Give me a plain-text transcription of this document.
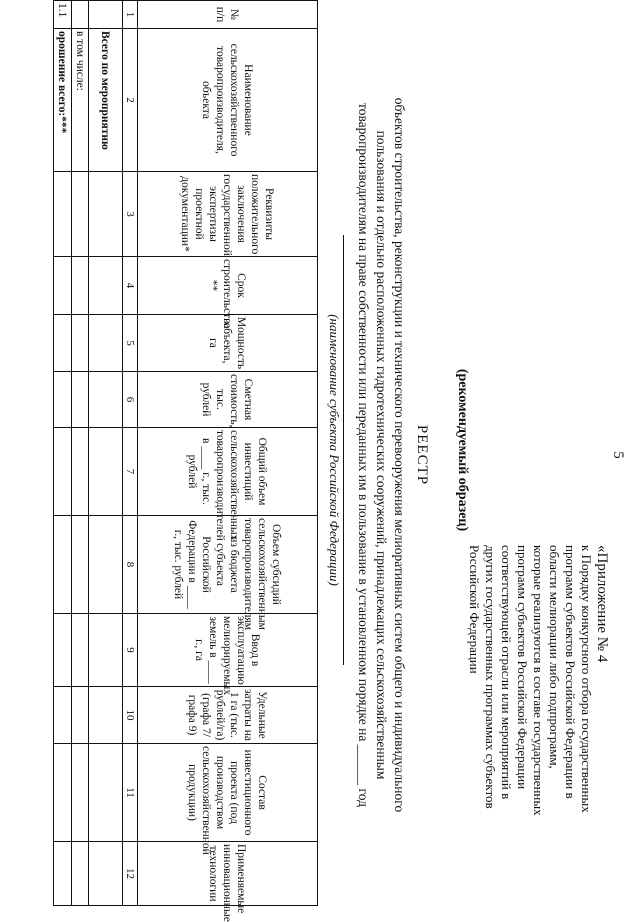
5
«Приложение № 4
к Порядку конкурсного отбора государственных
программ субъектов Российской Федерации в
области мелиорации либо подпрограмм,
которые реализуются в составе государственных
программ субъектов Российской Федерации
соответствующей отрасли или мероприятий в
других государственных программах субъектов
Российской Федерации
(рекомендуемый образец)
РЕЕСТР
объектов строительства, реконструкции и технического перевооружения мелиоративных систем общего и индивидуального
пользования и отдельно расположенных гидротехнических сооружений, принадлежащих сельскохозяйственным
товаропроизводителям на праве собственности или переданных им в пользование в установленном порядке на ______ год
(наименование субъекта Российской Федерации)
№ п/п	Наименование сельскохозяйственного товаропроизводителя, объекта	Реквизиты положительного заключения государственной экспертизы проектной документации*	Срок строительства **	Мощность объекта, га	Сметная стоимость, тыс. рублей	Общий объем инвестиций сельскохозяйственных товаропроизводителей в ____ г., тыс. рублей	Объем субсидий сельскохозяйственным товаропроизводителям из бюджета субъекта Российской Федерации в ____ г., тыс. рублей	Ввод в эксплуатацию мелиорируемых земель в ____ г., га	Удельные затраты на 1 га (тыс. рублей/га) (графа 7/графа 9)	Состав инвестиционного проекта (под производством сельскохозяйственной продукции)	Применяемые инновационные технологии
1	2	3	4	5	6	7	8	9	10	11	12
	Всего по мероприятию										
	в том числе:										
1.1	орошение всего:***										
